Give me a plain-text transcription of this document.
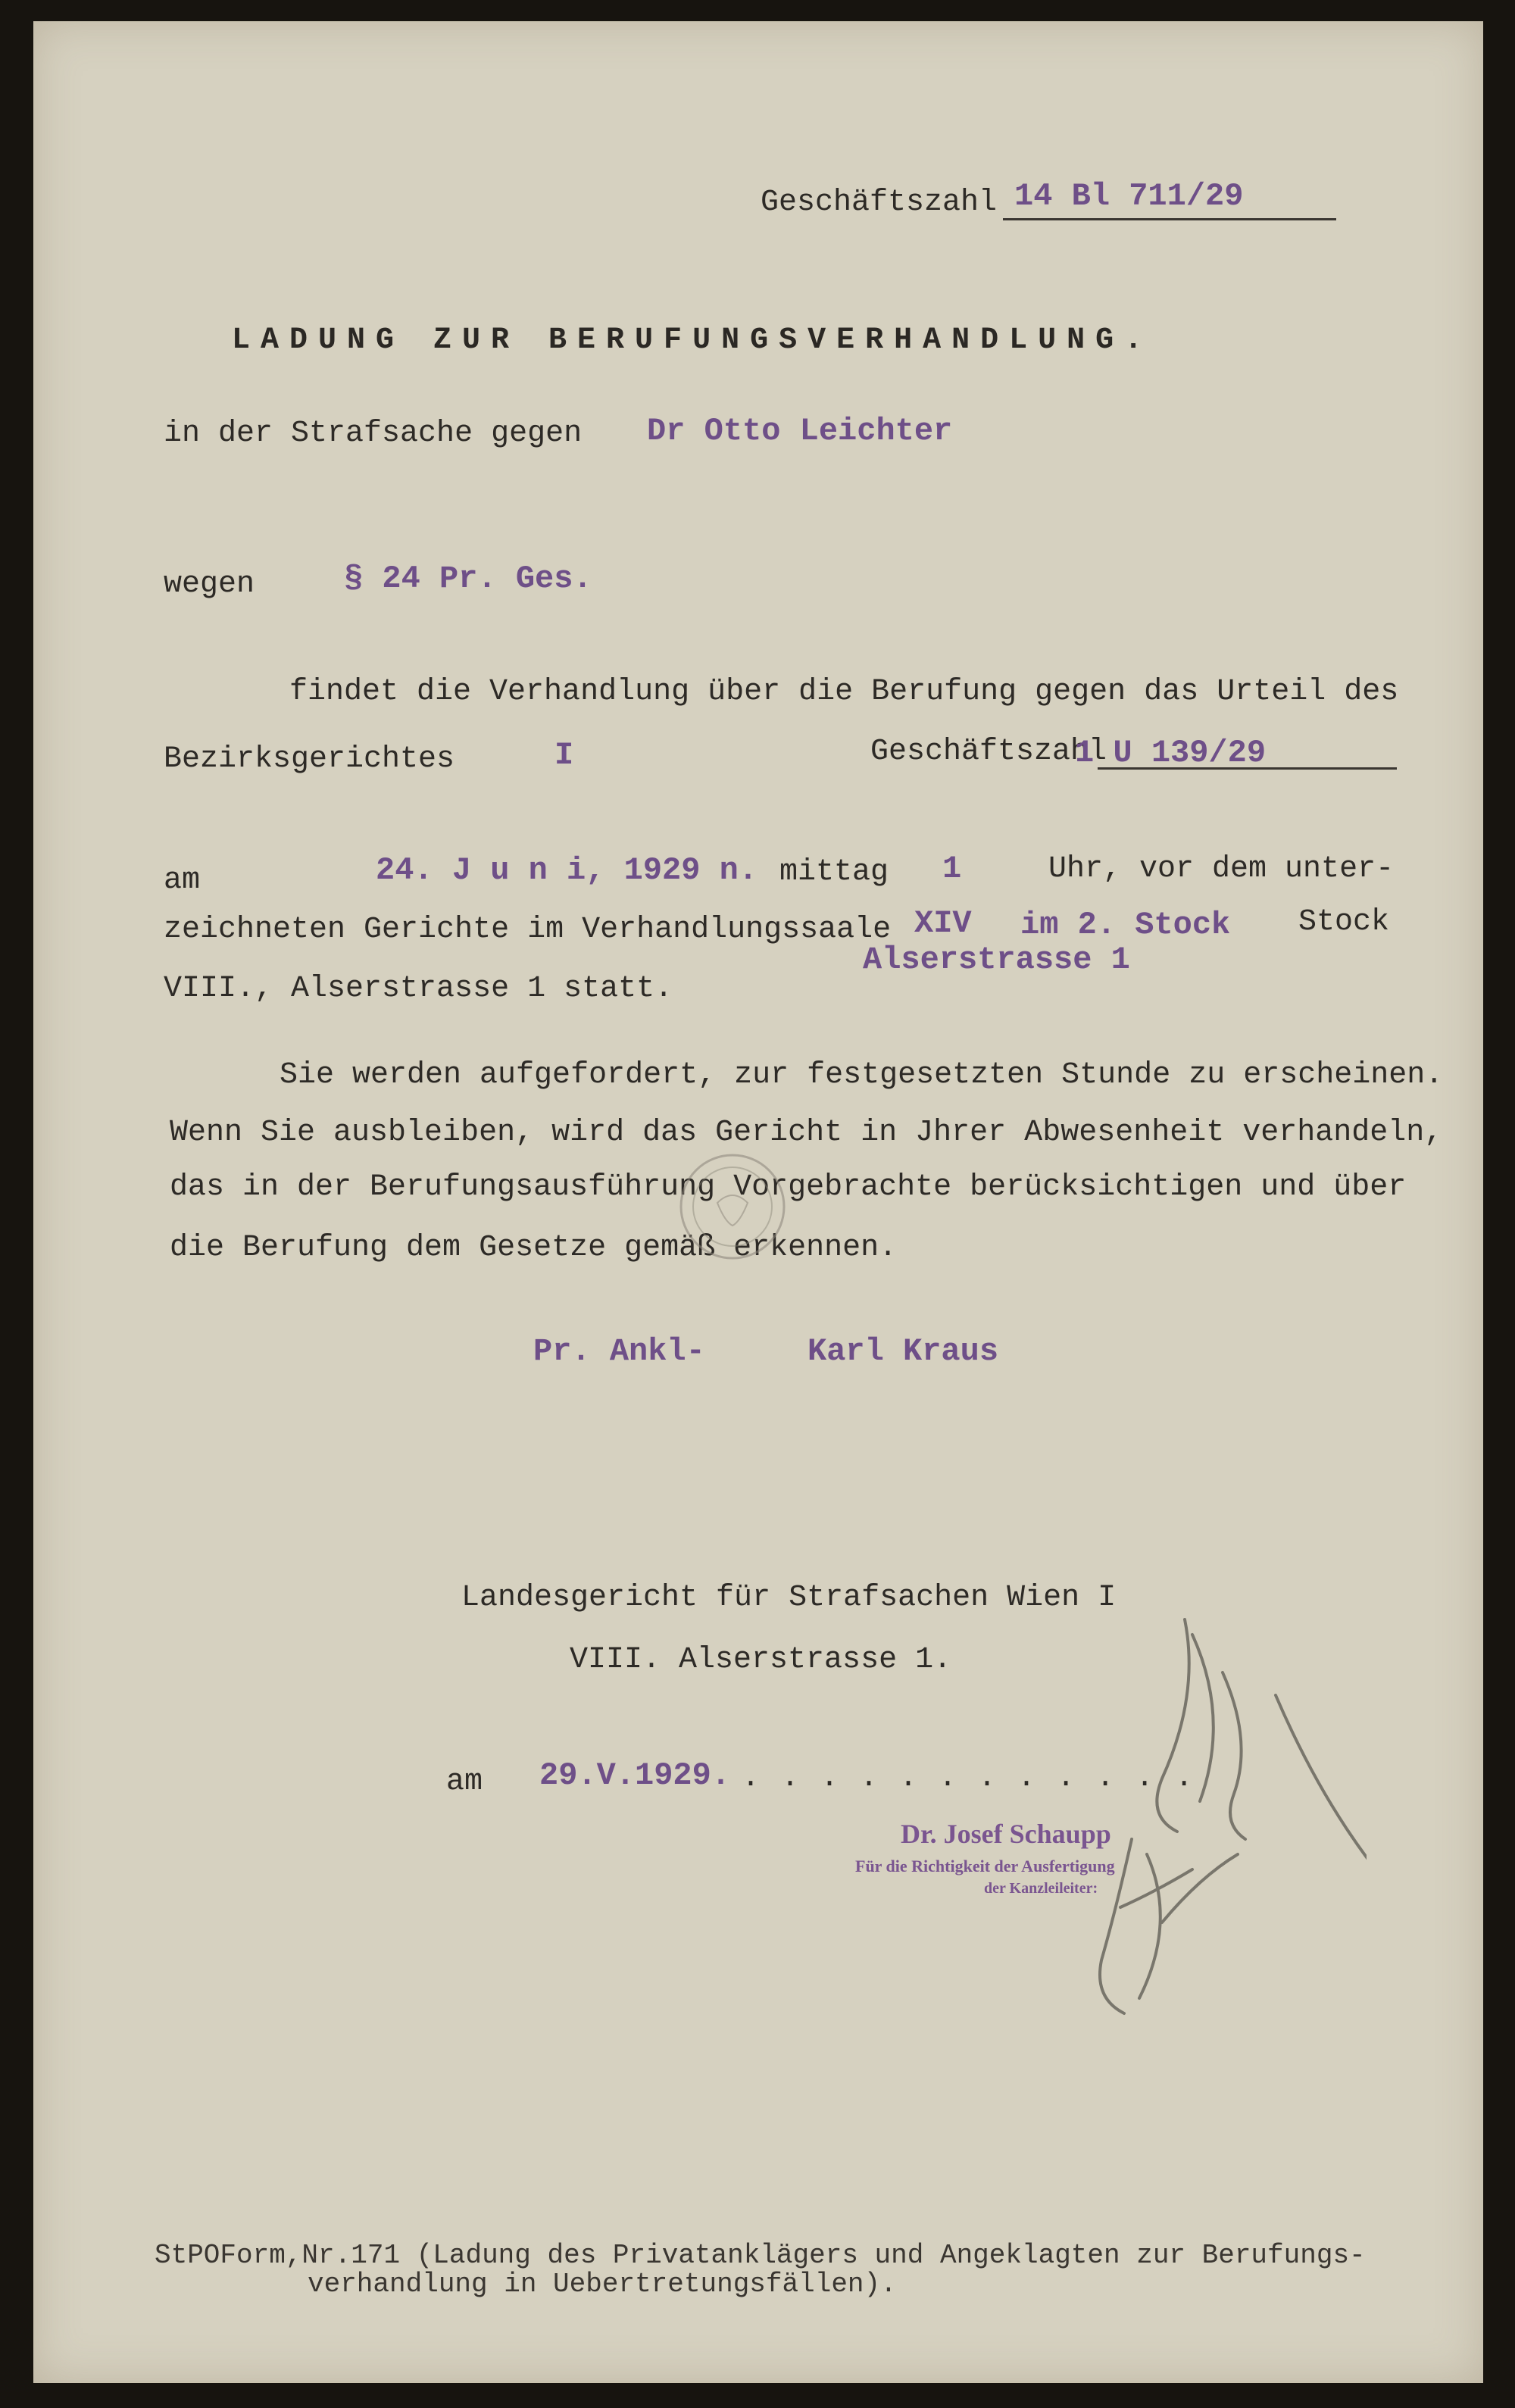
Geschäftszahl 14 Bl 711/29
LADUNG ZUR BERUFUNGSVERHANDLUNG.
in der Strafsache gegen Dr Otto Leichter
wegen	§ 24 Pr. Ges.
findet die Verhandlung über die Berufung gegen das Urteil des
Bezirksgerichtes	I	Geschäftszahl
1 U 139/29
am	24. J u n i, 1929 n. mittag 1	Uhr, vor dem unter-
zeichneten Gerichte im Verhandlungssaale XIV im 2. Stock Stock
Alserstrasse 1
VIII., Alserstrasse 1 statt.
Sie werden aufgefordert, zur festgesetzten Stunde zu erscheinen.
Wenn Sie ausbleiben, wird das Gericht in Jhrer Abwesenheit verhandeln,
das in der Berufungsausführung Vorgebrachte berücksichtigen und über
die Berufung dem Gesetze gemäß erkennen.
Pr. Ankl-	Karl Kraus
Landesgericht für Strafsachen Wien I
VIII. Alserstrasse 1.
am 29.V.1929. . . . . . . . . . . . .
Dr. Josef Schaupp
Für die Richtigkeit der Ausfertigung
der Kanzleileiter:
StPOForm,Nr.171 (Ladung des Privatanklägers und Angeklagten zur Berufungs-
verhandlung in Uebertretungsfällen).
